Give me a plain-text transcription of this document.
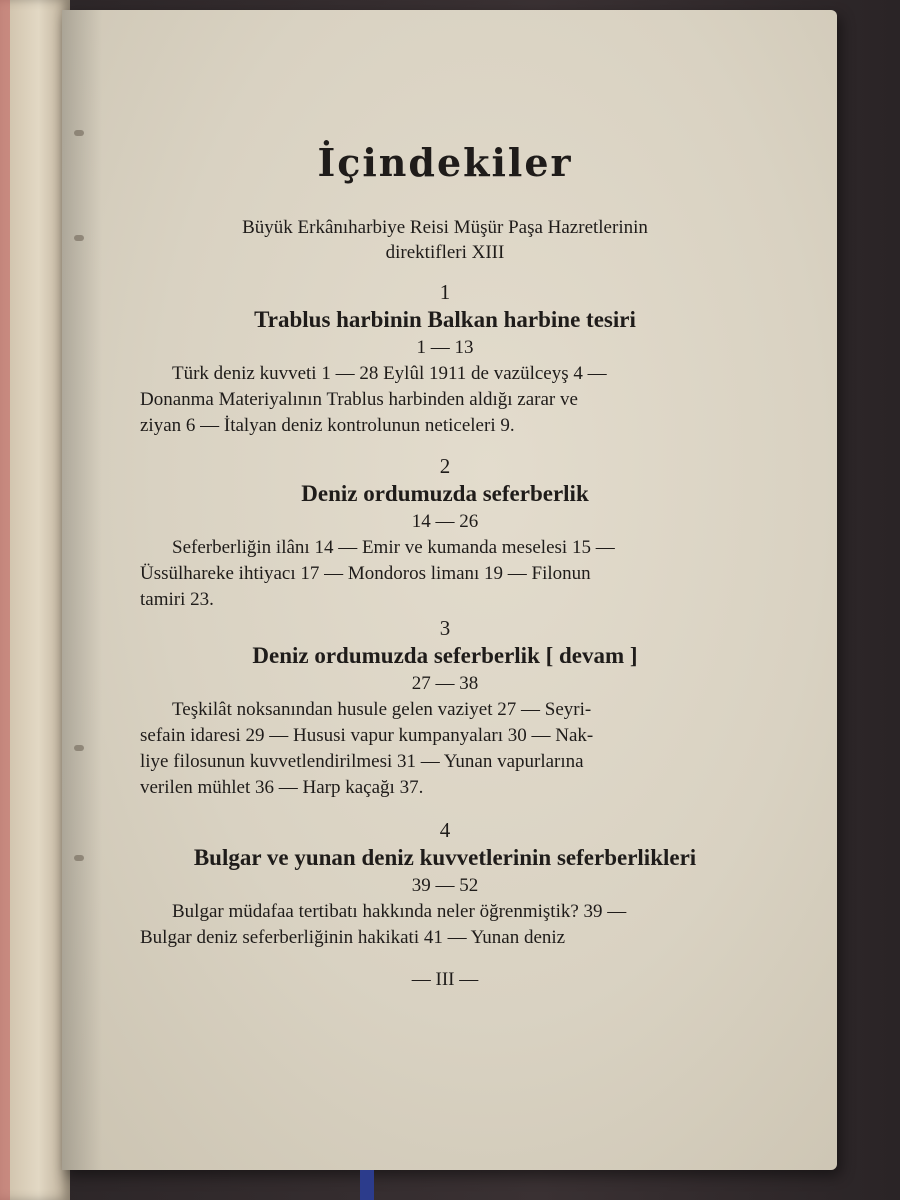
İçindekiler
Büyük Erkânıharbiye Reisi Müşür Paşa Hazretlerinin
direktifleri XIII
1
Trablus harbinin Balkan harbine tesiri
1 — 13
Türk deniz kuvveti 1 — 28 Eylûl 1911 de vazülceyş 4 —
Donanma Materiyalının Trablus harbinden aldığı zarar ve
ziyan 6 — İtalyan deniz kontrolunun neticeleri 9.
2
Deniz ordumuzda seferberlik
14 — 26
Seferberliğin ilânı 14 — Emir ve kumanda meselesi 15 —
Üssülhareke ihtiyacı 17 — Mondoros limanı 19 — Filonun
tamiri 23.
3
Deniz ordumuzda seferberlik [ devam ]
27 — 38
Teşkilât noksanından husule gelen vaziyet 27 — Seyri-
sefain idaresi 29 — Hususi vapur kumpanyaları 30 — Nak-
liye filosunun kuvvetlendirilmesi 31 — Yunan vapurlarına
verilen mühlet 36 — Harp kaçağı 37.
4
Bulgar ve yunan deniz kuvvetlerinin seferberlikleri
39 — 52
Bulgar müdafaa tertibatı hakkında neler öğrenmiştik? 39 —
Bulgar deniz seferberliğinin hakikati 41 — Yunan deniz
— III —
